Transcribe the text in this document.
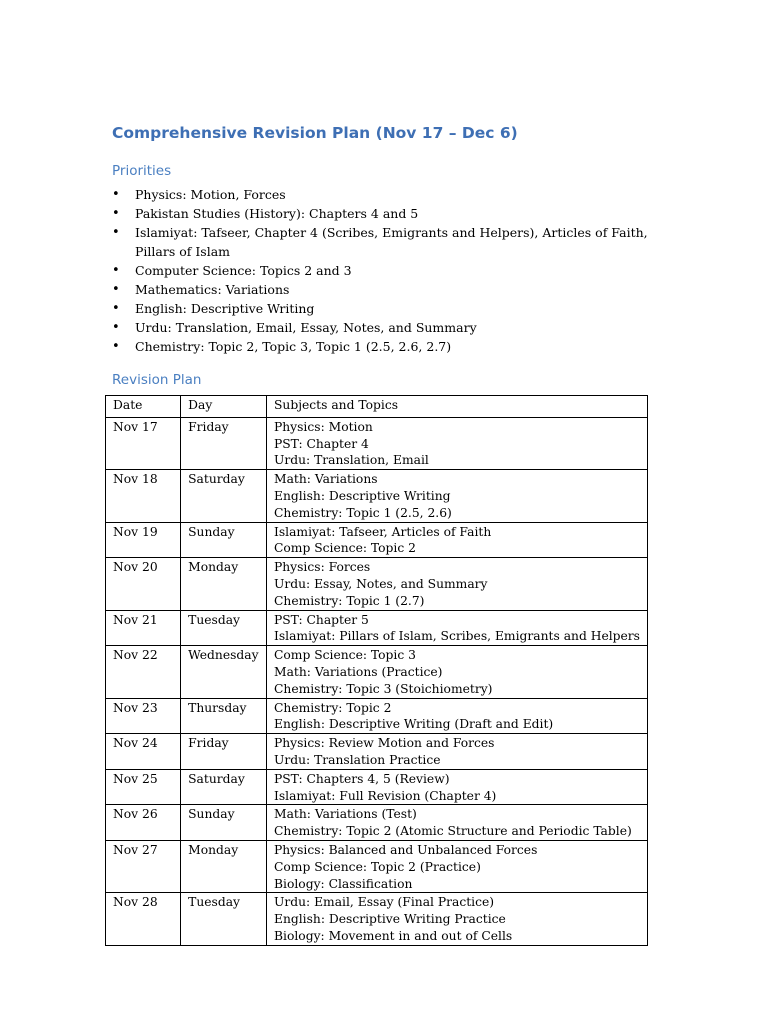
Comprehensive Revision Plan (Nov 17 – Dec 6)
Priorities
• Physics: Motion, Forces
• Pakistan Studies (History): Chapters 4 and 5
• Islamiyat: Tafseer, Chapter 4 (Scribes, Emigrants and Helpers), Articles of Faith, Pillars of Islam
• Computer Science: Topics 2 and 3
• Mathematics: Variations
• English: Descriptive Writing
• Urdu: Translation, Email, Essay, Notes, and Summary
• Chemistry: Topic 2, Topic 3, Topic 1 (2.5, 2.6, 2.7)
Revision Plan
Date	Day	Subjects and Topics
Nov 17	Friday	Physics: Motion
PST: Chapter 4
Urdu: Translation, Email

Nov 18	Saturday	Math: Variations
English: Descriptive Writing
Chemistry: Topic 1 (2.5, 2.6)

Nov 19	Sunday	Islamiyat: Tafseer, Articles of Faith
Comp Science: Topic 2

Nov 20	Monday	Physics: Forces
Urdu: Essay, Notes, and Summary
Chemistry: Topic 1 (2.7)

Nov 21	Tuesday	PST: Chapter 5
Islamiyat: Pillars of Islam, Scribes, Emigrants and Helpers

Nov 22	Wednesday	Comp Science: Topic 3
Math: Variations (Practice)
Chemistry: Topic 3 (Stoichiometry)

Nov 23	Thursday	Chemistry: Topic 2
English: Descriptive Writing (Draft and Edit)

Nov 24	Friday	Physics: Review Motion and Forces
Urdu: Translation Practice

Nov 25	Saturday	PST: Chapters 4, 5 (Review)
Islamiyat: Full Revision (Chapter 4)

Nov 26	Sunday	Math: Variations (Test)
Chemistry: Topic 2 (Atomic Structure and Periodic Table)

Nov 27	Monday	Physics: Balanced and Unbalanced Forces
Comp Science: Topic 2 (Practice)
Biology: Classification

Nov 28	Tuesday	Urdu: Email, Essay (Final Practice)
English: Descriptive Writing Practice
Biology: Movement in and out of Cells
